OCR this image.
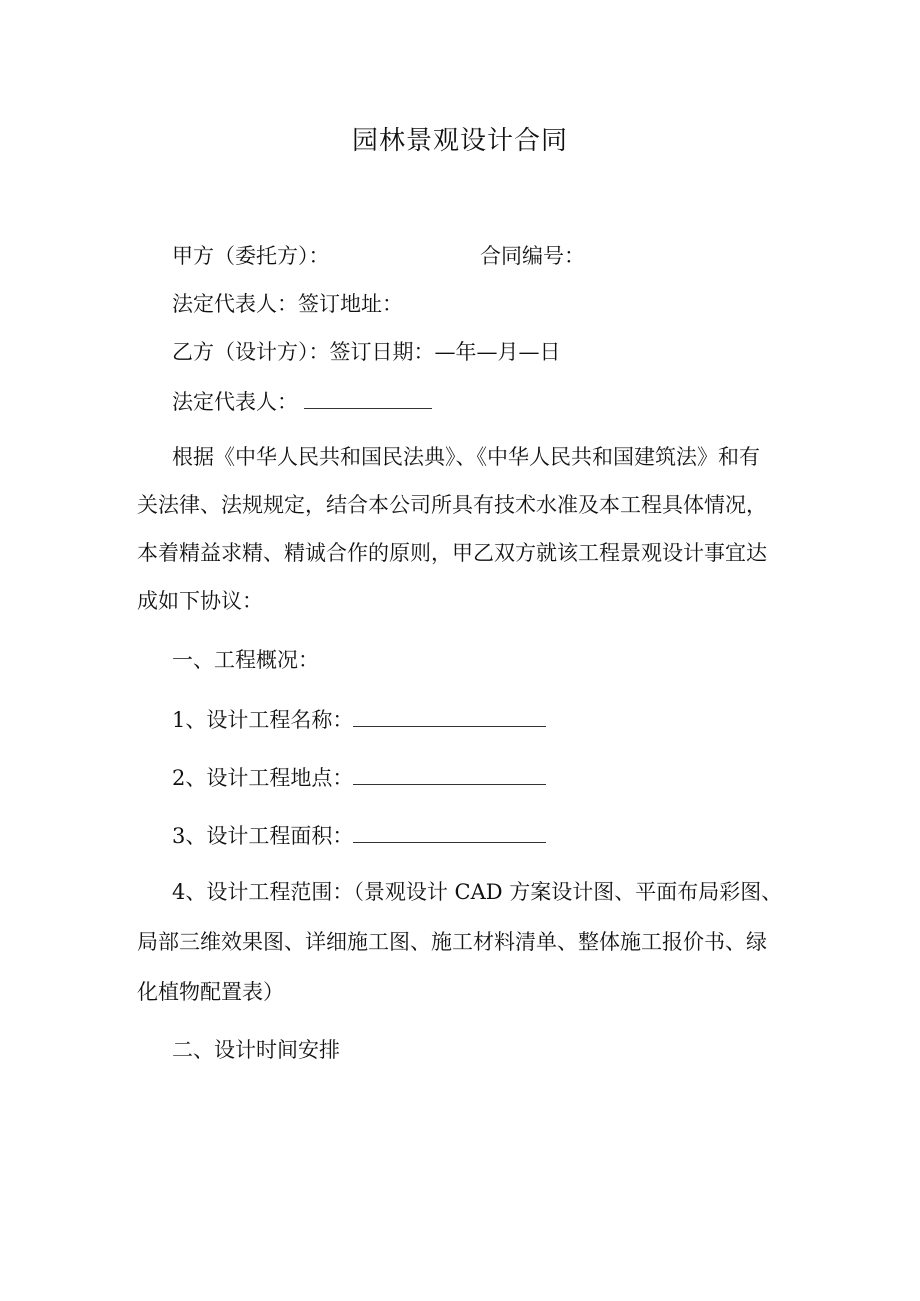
园林景观设计合同
甲方（委托方）：	合同编号：
法定代表人：签订地址：
乙方（设计方）：签订日期：—年—月—日
法定代表人：
根据《中华人民共和国民法典》、《中华人民共和国建筑法》和有
关法律、法规规定，结合本公司所具有技术水准及本工程具体情况，
本着精益求精、精诚合作的原则，甲乙双方就该工程景观设计事宜达
成如下协议：
一、工程概况：
1、设计工程名称：
2、设计工程地点：
3、设计工程面积：
4、设计工程范围：（景观设计 CAD 方案设计图、平面布局彩图、
局部三维效果图、详细施工图、施工材料清单、整体施工报价书、绿
化植物配置表）
二、设计时间安排
